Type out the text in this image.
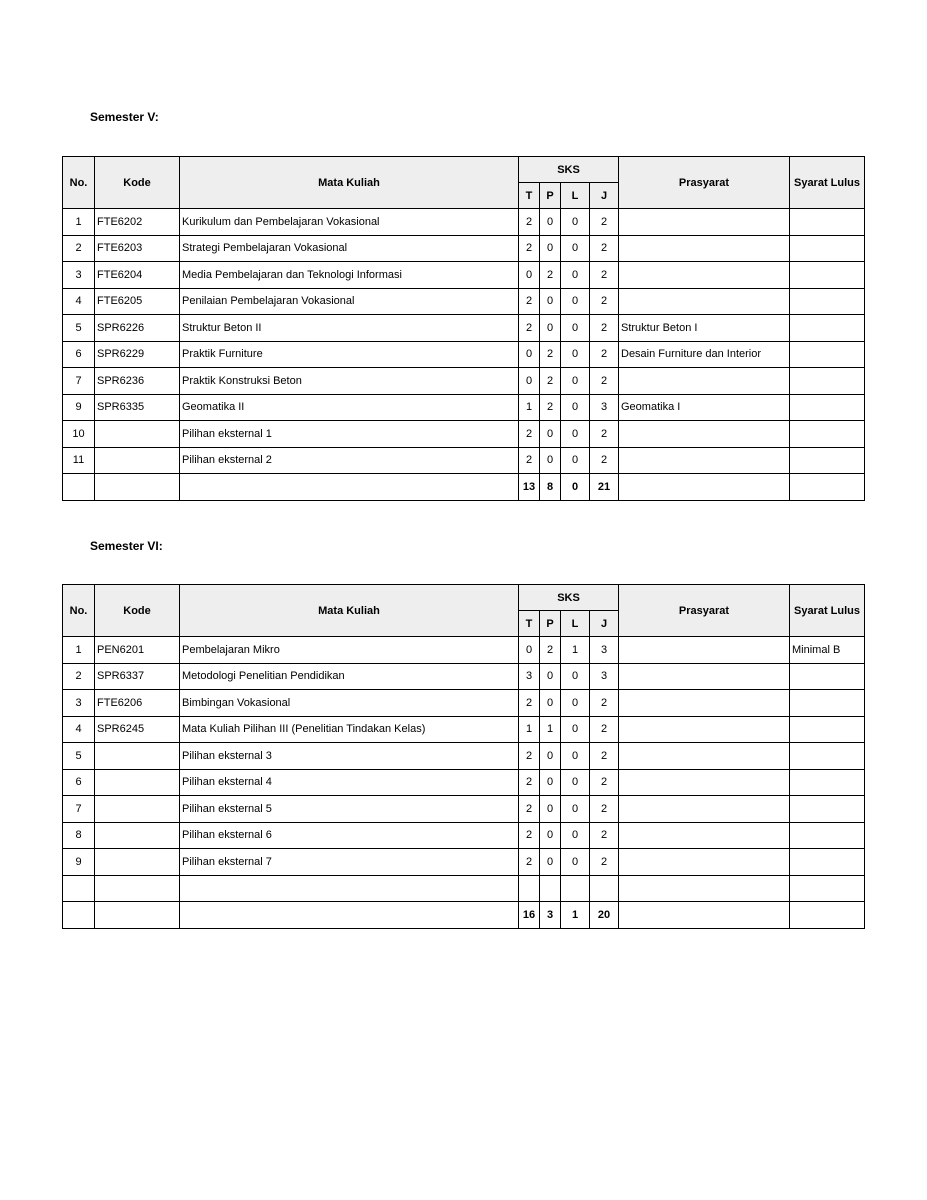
Semester V:
No.	Kode	Mata Kuliah	SKS				Prasyarat	Syarat Lulus
			T	P	L	J		
1	FTE6202	Kurikulum dan Pembelajaran Vokasional	2	0	0	2		
2	FTE6203	Strategi Pembelajaran Vokasional	2	0	0	2		
3	FTE6204	Media Pembelajaran dan Teknologi Informasi	0	2	0	2		
4	FTE6205	Penilaian Pembelajaran Vokasional	2	0	0	2		
5	SPR6226	Struktur Beton II	2	0	0	2	Struktur Beton I	
6	SPR6229	Praktik Furniture	0	2	0	2	Desain Furniture dan Interior	
7	SPR6236	Praktik Konstruksi Beton	0	2	0	2		
9	SPR6335	Geomatika II	1	2	0	3	Geomatika I	
10		Pilihan eksternal 1	2	0	0	2		
11		Pilihan eksternal 2	2	0	0	2		
			13	8	0	21		
Semester VI:
No.	Kode	Mata Kuliah	SKS				Prasyarat	Syarat Lulus
			T	P	L	J		
1	PEN6201	Pembelajaran Mikro	0	2	1	3		Minimal B
2	SPR6337	Metodologi Penelitian Pendidikan	3	0	0	3		
3	FTE6206	Bimbingan Vokasional	2	0	0	2		
4	SPR6245	Mata Kuliah Pilihan III (Penelitian Tindakan Kelas)	1	1	0	2		
5		Pilihan eksternal 3	2	0	0	2		
6		Pilihan eksternal 4	2	0	0	2		
7		Pilihan eksternal 5	2	0	0	2		
8		Pilihan eksternal 6	2	0	0	2		
9		Pilihan eksternal 7	2	0	0	2		

			16	3	1	20		
